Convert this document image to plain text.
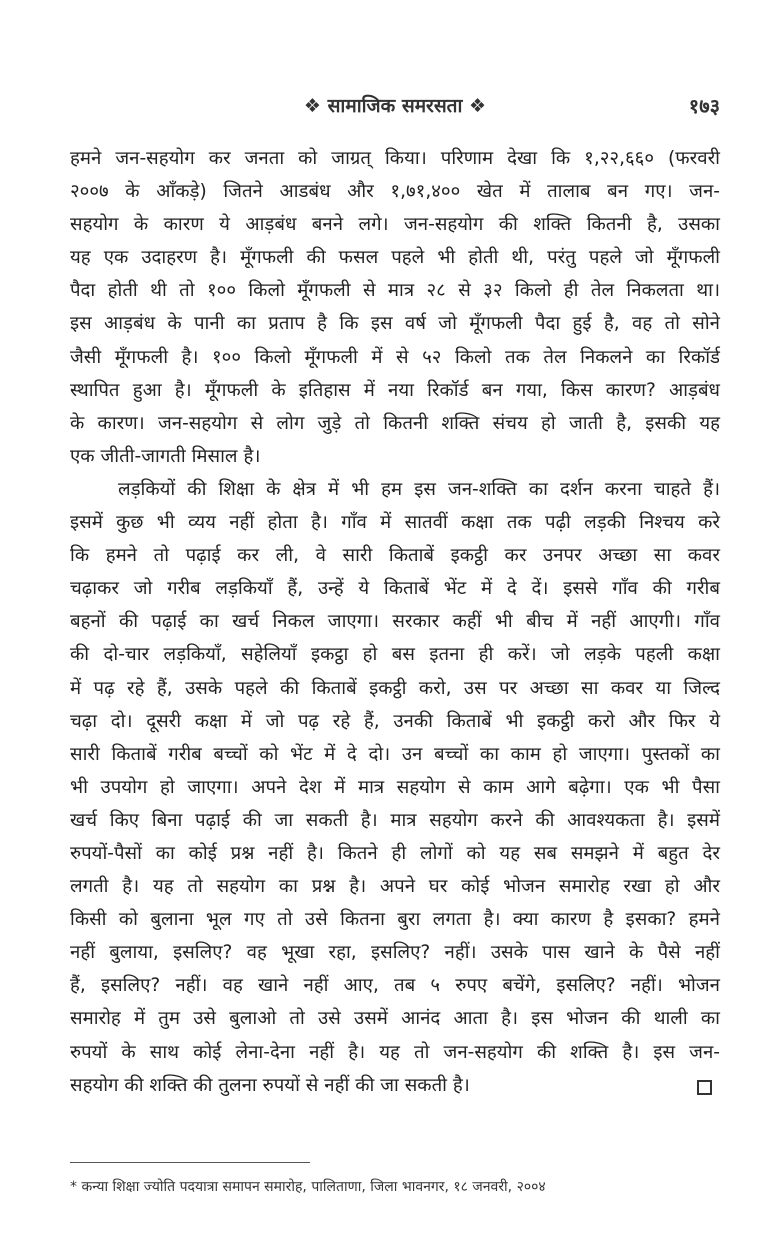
❖ सामाजिक समरसता ❖	१७३
हमने जन-सहयोग कर जनता को जाग्रत् किया। परिणाम देखा कि १,२२,६६० (फरवरी
२००७ के आँकड़े) जितने आडबंध और १,७१,४०० खेत में तालाब बन गए। जन-
सहयोग के कारण ये आड़बंध बनने लगे। जन-सहयोग की शक्ति कितनी है, उसका
यह एक उदाहरण है। मूँगफली की फसल पहले भी होती थी, परंतु पहले जो मूँगफली
पैदा होती थी तो १०० किलो मूँगफली से मात्र २८ से ३२ किलो ही तेल निकलता था।
इस आड़बंध के पानी का प्रताप है कि इस वर्ष जो मूँगफली पैदा हुई है, वह तो सोने
जैसी मूँगफली है। १०० किलो मूँगफली में से ५२ किलो तक तेल निकलने का रिकॉर्ड
स्थापित हुआ है। मूँगफली के इतिहास में नया रिकॉर्ड बन गया, किस कारण? आड़बंध
के कारण। जन-सहयोग से लोग जुड़े तो कितनी शक्ति संचय हो जाती है, इसकी यह
एक जीती-जागती मिसाल है।
लड़कियों की शिक्षा के क्षेत्र में भी हम इस जन-शक्ति का दर्शन करना चाहते हैं।
इसमें कुछ भी व्यय नहीं होता है। गाँव में सातवीं कक्षा तक पढ़ी लड़की निश्चय करे
कि हमने तो पढ़ाई कर ली, वे सारी किताबें इकट्ठी कर उनपर अच्छा सा कवर
चढ़ाकर जो गरीब लड़कियाँ हैं, उन्हें ये किताबें भेंट में दे दें। इससे गाँव की गरीब
बहनों की पढ़ाई का खर्च निकल जाएगा। सरकार कहीं भी बीच में नहीं आएगी। गाँव
की दो-चार लड़कियाँ, सहेलियाँ इकट्ठा हो बस इतना ही करें। जो लड़के पहली कक्षा
में पढ़ रहे हैं, उसके पहले की किताबें इकट्ठी करो, उस पर अच्छा सा कवर या जिल्द
चढ़ा दो। दूसरी कक्षा में जो पढ़ रहे हैं, उनकी किताबें भी इकट्ठी करो और फिर ये
सारी किताबें गरीब बच्चों को भेंट में दे दो। उन बच्चों का काम हो जाएगा। पुस्तकों का
भी उपयोग हो जाएगा। अपने देश में मात्र सहयोग से काम आगे बढ़ेगा। एक भी पैसा
खर्च किए बिना पढ़ाई की जा सकती है। मात्र सहयोग करने की आवश्यकता है। इसमें
रुपयों-पैसों का कोई प्रश्न नहीं है। कितने ही लोगों को यह सब समझने में बहुत देर
लगती है। यह तो सहयोग का प्रश्न है। अपने घर कोई भोजन समारोह रखा हो और
किसी को बुलाना भूल गए तो उसे कितना बुरा लगता है। क्या कारण है इसका? हमने
नहीं बुलाया, इसलिए? वह भूखा रहा, इसलिए? नहीं। उसके पास खाने के पैसे नहीं
हैं, इसलिए? नहीं। वह खाने नहीं आए, तब ५ रुपए बचेंगे, इसलिए? नहीं। भोजन
समारोह में तुम उसे बुलाओ तो उसे उसमें आनंद आता है। इस भोजन की थाली का
रुपयों के साथ कोई लेना-देना नहीं है। यह तो जन-सहयोग की शक्ति है। इस जन-
सहयोग की शक्ति की तुलना रुपयों से नहीं की जा सकती है।
* कन्या शिक्षा ज्योति पदयात्रा समापन समारोह, पालिताणा, जिला भावनगर, १८ जनवरी, २००४
